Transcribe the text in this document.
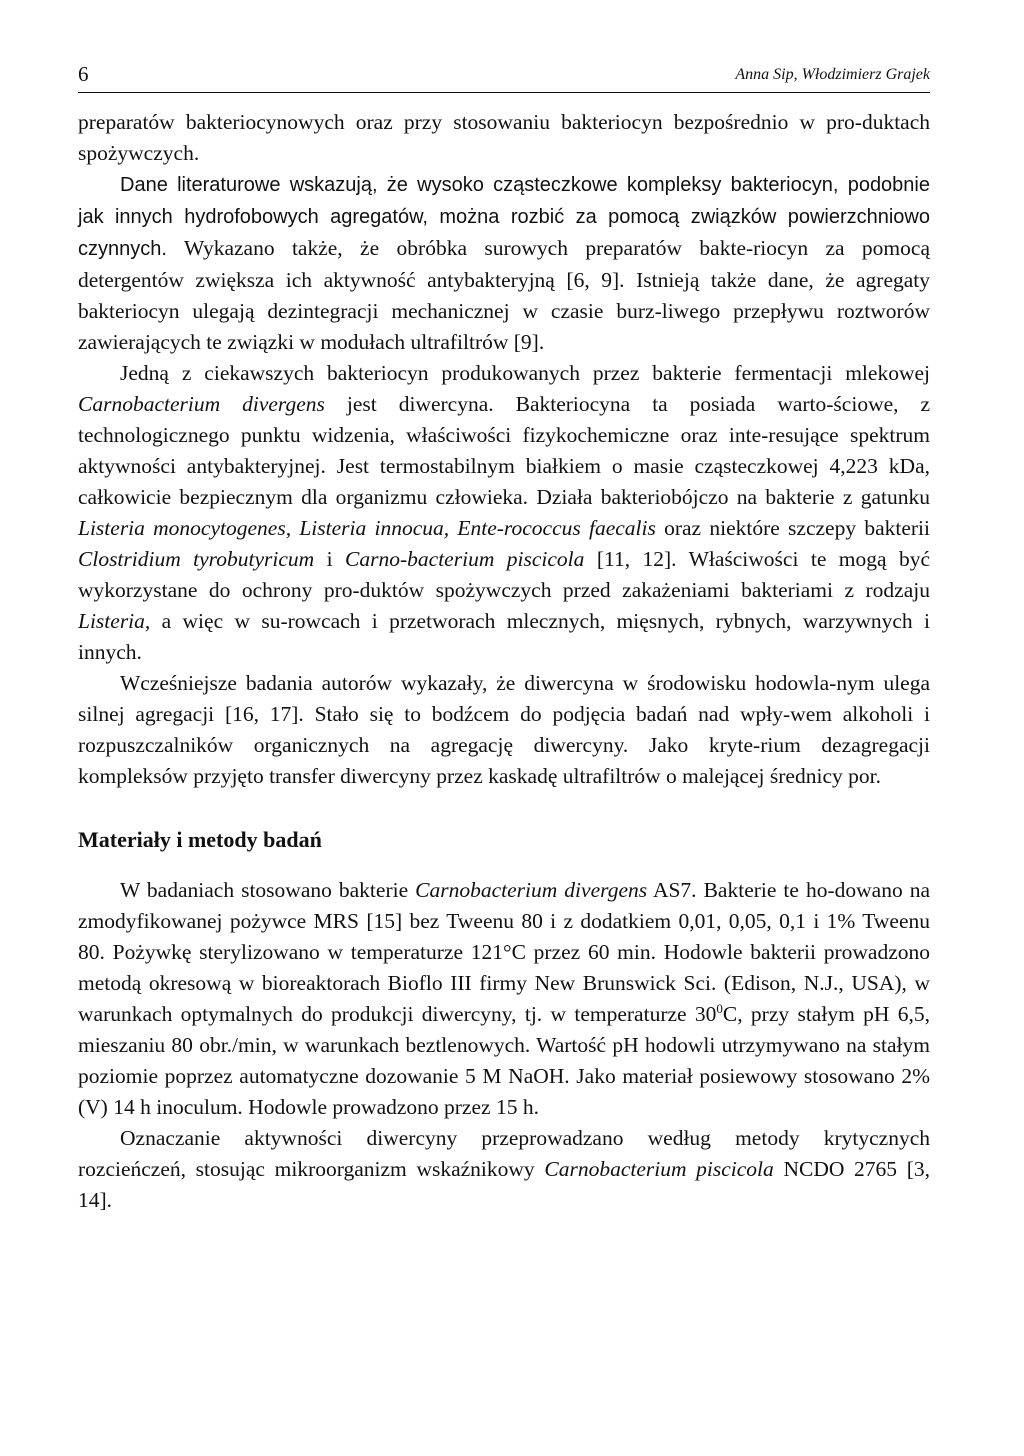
6	Anna Sip, Włodzimierz Grajek

preparatów bakteriocynowych oraz przy stosowaniu bakteriocyn bezpośrednio w pro-duktach spożywczych.

Dane literaturowe wskazują, że wysoko cząsteczkowe kompleksy bakteriocyn, podobnie jak innych hydrofobowych agregatów, można rozbić za pomocą związków powierzchniowo czynnych. Wykazano także, że obróbka surowych preparatów bakte-riocyn za pomocą detergentów zwiększa ich aktywność antybakteryjną [6, 9]. Istnieją także dane, że agregaty bakteriocyn ulegają dezintegracji mechanicznej w czasie burz-liwego przepływu roztworów zawierających te związki w modułach ultrafiltrów [9].

Jedną z ciekawszych bakteriocyn produkowanych przez bakterie fermentacji mlekowej Carnobacterium divergens jest diwercyna. Bakteriocyna ta posiada warto-ściowe, z technologicznego punktu widzenia, właściwości fizykochemiczne oraz inte-resujące spektrum aktywności antybakteryjnej. Jest termostabilnym białkiem o masie cząsteczkowej 4,223 kDa, całkowicie bezpiecznym dla organizmu człowieka. Działa bakteriobójczo na bakterie z gatunku Listeria monocytogenes, Listeria innocua, Ente-rococcus faecalis oraz niektóre szczepy bakterii Clostridium tyrobutyricum i Carno-bacterium piscicola [11, 12]. Właściwości te mogą być wykorzystane do ochrony pro-duktów spożywczych przed zakażeniami bakteriami z rodzaju Listeria, a więc w su-rowcach i przetworach mlecznych, mięsnych, rybnych, warzywnych i innych.

Wcześniejsze badania autorów wykazały, że diwercyna w środowisku hodowla-nym ulega silnej agregacji [16, 17]. Stało się to bodźcem do podjęcia badań nad wpły-wem alkoholi i rozpuszczalników organicznych na agregację diwercyny. Jako kryte-rium dezagregacji kompleksów przyjęto transfer diwercyny przez kaskadę ultrafiltrów o malejącej średnicy por.

Materiały i metody badań

W badaniach stosowano bakterie Carnobacterium divergens AS7. Bakterie te ho-dowano na zmodyfikowanej pożywce MRS [15] bez Tweenu 80 i z dodatkiem 0,01, 0,05, 0,1 i 1% Tweenu 80. Pożywkę sterylizowano w temperaturze 121°C przez 60 min. Hodowle bakterii prowadzono metodą okresową w bioreaktorach Bioflo III firmy New Brunswick Sci. (Edison, N.J., USA), w warunkach optymalnych do produkcji diwercyny, tj. w temperaturze $30^0C$, przy stałym pH 6,5, mieszaniu 80 obr./min, w warunkach beztlenowych. Wartość pH hodowli utrzymywano na stałym poziomie poprzez automatyczne dozowanie 5 M NaOH. Jako materiał posiewowy stosowano 2% (V) 14 h inoculum. Hodowle prowadzono przez 15 h.

Oznaczanie aktywności diwercyny przeprowadzano według metody krytycznych rozcieńczeń, stosując mikroorganizm wskaźnikowy Carnobacterium piscicola NCDO 2765 [3, 14].
